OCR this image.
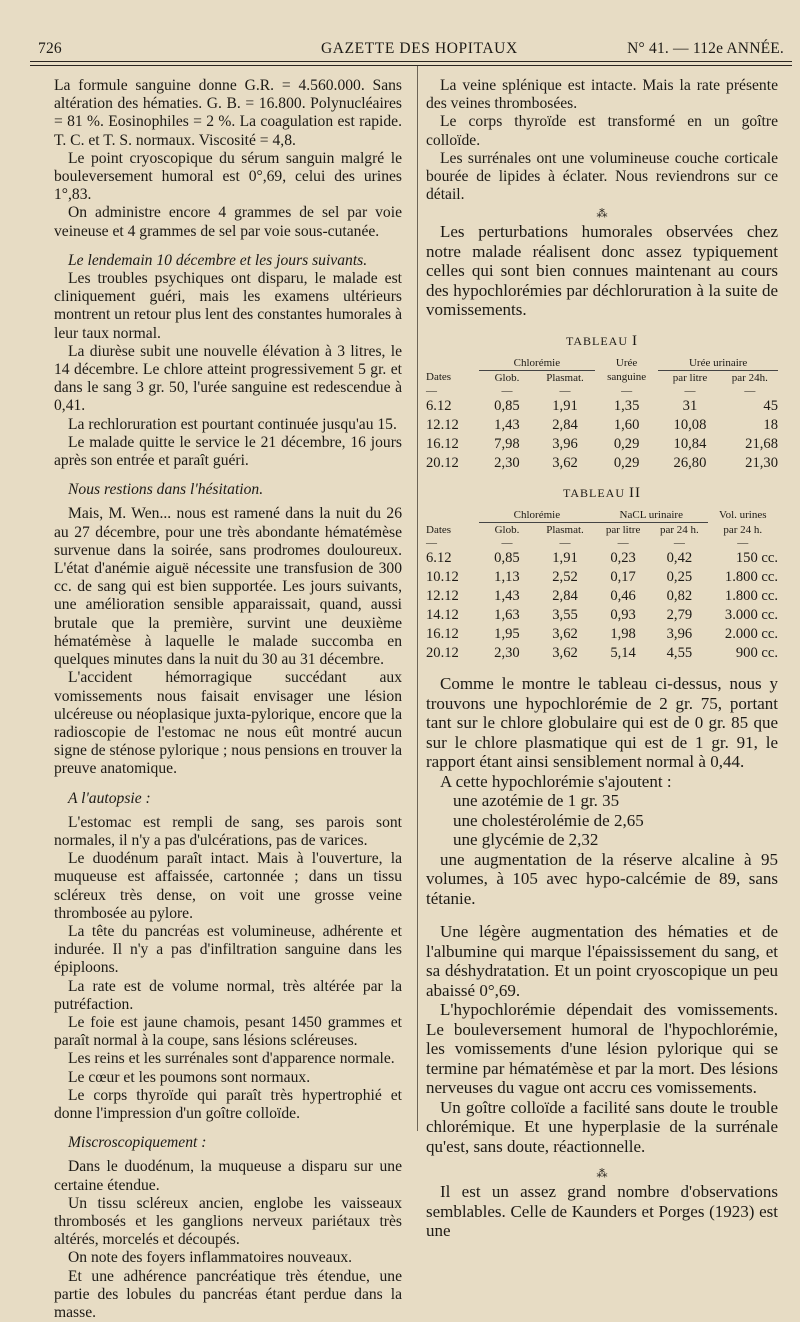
726	GAZETTE DES HOPITAUX	N° 41. — 112e ANNÉE.

La formule sanguine donne G.R. = 4.560.000. Sans altération des hématies. G. B. = 16.800. Polynucléaires = 81 %. Eosinophiles = 2 %. La coagulation est rapide. T. C. et T. S. normaux. Viscosité = 4,8.

Le point cryoscopique du sérum sanguin malgré le bouleversement humoral est 0°,69, celui des urines 1°,83.

On administre encore 4 grammes de sel par voie veineuse et 4 grammes de sel par voie sous-cutanée.

Le lendemain 10 décembre et les jours suivants.

Les troubles psychiques ont disparu, le malade est cliniquement guéri, mais les examens ultérieurs montrent un retour plus lent des constantes humorales à leur taux normal.

La diurèse subit une nouvelle élévation à 3 litres, le 14 décembre. Le chlore atteint progressivement 5 gr. et dans le sang 3 gr. 50, l'urée sanguine est redescendue à 0,41.

La rechloruration est pourtant continuée jusqu'au 15.

Le malade quitte le service le 21 décembre, 16 jours après son entrée et paraît guéri.

Nous restions dans l'hésitation.

Mais, M. Wen... nous est ramené dans la nuit du 26 au 27 décembre, pour une très abondante hématémèse survenue dans la soirée, sans prodromes douloureux. L'état d'anémie aiguë nécessite une transfusion de 300 cc. de sang qui est bien supportée. Les jours suivants, une amélioration sensible apparaissait, quand, aussi brutale que la première, survint une deuxième hématémèse à laquelle le malade succomba en quelques minutes dans la nuit du 30 au 31 décembre.

L'accident hémorragique succédant aux vomissements nous faisait envisager une lésion ulcéreuse ou néoplasique juxta-pylorique, encore que la radioscopie de l'estomac ne nous eût montré aucun signe de sténose pylorique ; nous pensions en trouver la preuve anatomique.

A l'autopsie :

L'estomac est rempli de sang, ses parois sont normales, il n'y a pas d'ulcérations, pas de varices.

Le duodénum paraît intact. Mais à l'ouverture, la muqueuse est affaissée, cartonnée ; dans un tissu scléreux très dense, on voit une grosse veine thrombosée au pylore.

La tête du pancréas est volumineuse, adhérente et indurée. Il n'y a pas d'infiltration sanguine dans les épiploons.

La rate est de volume normal, très altérée par la putréfaction.

Le foie est jaune chamois, pesant 1450 grammes et paraît normal à la coupe, sans lésions scléreuses.

Les reins et les surrénales sont d'apparence normale.

Le cœur et les poumons sont normaux.

Le corps thyroïde qui paraît très hypertrophié et donne l'impression d'un goître colloïde.

Miscroscopiquement :

Dans le duodénum, la muqueuse a disparu sur une certaine étendue.

Un tissu scléreux ancien, englobe les vaisseaux thrombosés et les ganglions nerveux pariétaux très altérés, morcelés et découpés.

On note des foyers inflammatoires nouveaux.

Et une adhérence pancréatique très étendue, une partie des lobules du pancréas étant perdue dans la masse.

La veine splénique est intacte. Mais la rate présente des veines thrombosées.

Le corps thyroïde est transformé en un goître colloïde.

Les surrénales ont une volumineuse couche corticale bourée de lipides à éclater. Nous reviendrons sur ce détail.

⁂

Les perturbations humorales observées chez notre malade réalisent donc assez typiquement celles qui sont bien connues maintenant au cours des hypochlorémies par déchloruration à la suite de vomissements.

TABLEAU I
	Chlorémie		Urée	Urée urinaire	
Dates	Glob.	Plasmat.	sanguine	par litre	par 24h.
—	—	—	—	—	—
6.12	0,85	1,91	1,35	31	45
12.12	1,43	2,84	1,60	10,08	18
16.12	7,98	3,96	0,29	10,84	21,68
20.12	2,30	3,62	0,29	26,80	21,30
TABLEAU II
	Chlorémie		NaCL urinaire		Vol. urines
Dates	Glob.	Plasmat.	par litre	par 24 h.	par 24 h.
—	—	—	—	—	—
6.12	0,85	1,91	0,23	0,42	150 cc.
10.12	1,13	2,52	0,17	0,25	1.800 cc.
12.12	1,43	2,84	0,46	0,82	1.800 cc.
14.12	1,63	3,55	0,93	2,79	3.000 cc.
16.12	1,95	3,62	1,98	3,96	2.000 cc.
20.12	2,30	3,62	5,14	4,55	900 cc.

Comme le montre le tableau ci-dessus, nous y trouvons une hypochlorémie de 2 gr. 75, portant tant sur le chlore globulaire qui est de 0 gr. 85 que sur le chlore plasmatique qui est de 1 gr. 91, le rapport étant ainsi sensiblement normal à 0,44.

A cette hypochlorémie s'ajoutent :

une azotémie de 1 gr. 35

une cholestérolémie de 2,65

une glycémie de 2,32

une augmentation de la réserve alcaline à 95 volumes, à 105 avec hypo-calcémie de 89, sans tétanie.

Une légère augmentation des hématies et de l'albumine qui marque l'épaississement du sang, et sa déshydratation. Et un point cryoscopique un peu abaissé 0°,69.

L'hypochlorémie dépendait des vomissements. Le bouleversement humoral de l'hypochlorémie, les vomissements d'une lésion pylorique qui se termine par hématémèse et par la mort. Des lésions nerveuses du vague ont accru ces vomissements.

Un goître colloïde a facilité sans doute le trouble chlorémique. Et une hyperplasie de la surrénale qu'est, sans doute, réactionnelle.

⁂

Il est un assez grand nombre d'observations semblables. Celle de Kaunders et Porges (1923) est une
